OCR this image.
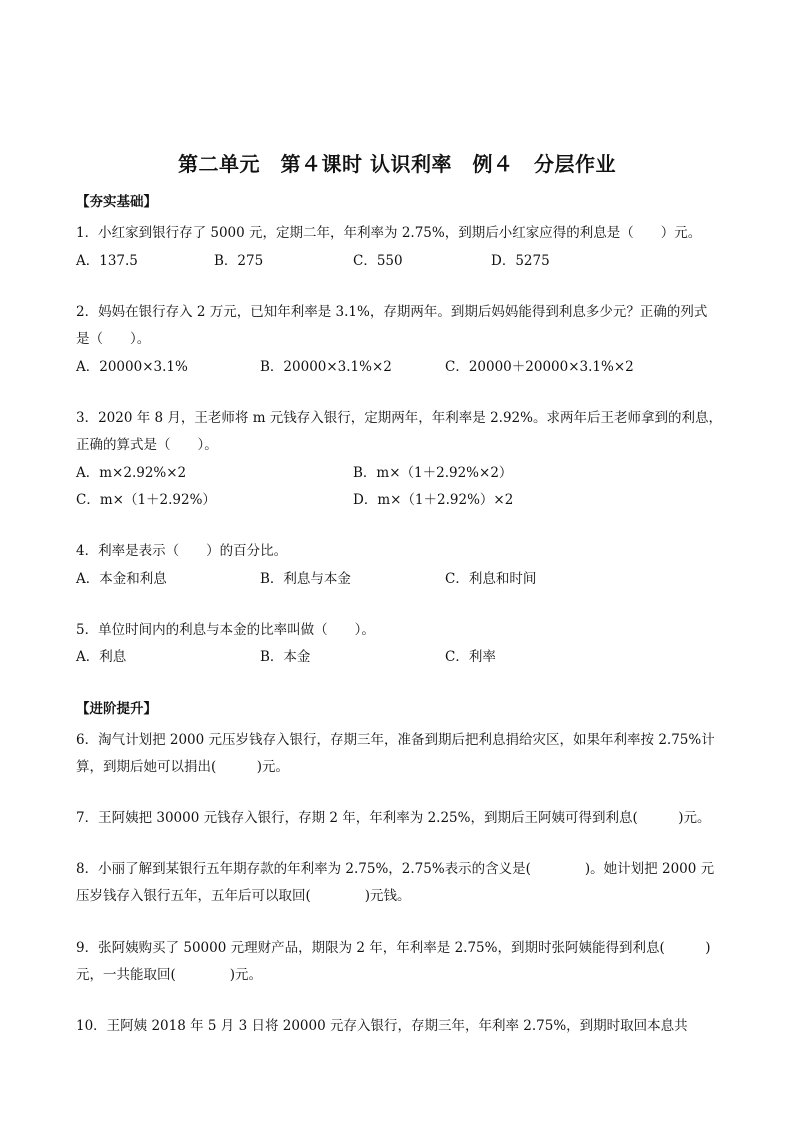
第二单元　第４课时 认识利率　例４　分层作业
【夯实基础】
1．小红家到银行存了 5000 元，定期二年，年利率为 2.75%，到期后小红家应得的利息是（　　）元。
A．137.5	B．275	C．550	D．5275
2．妈妈在银行存入 2 万元，已知年利率是 3.1%，存期两年。到期后妈妈能得到利息多少元？正确的列式
是（　　）。
A．20000×3.1%	B．20000×3.1%×2	C．20000＋20000×3.1%×2
3．2020 年 8 月，王老师将 m 元钱存入银行，定期两年，年利率是 2.92%。求两年后王老师拿到的利息，
正确的算式是（　　）。
A．m×2.92%×2	B．m×（1＋2.92%×2）
C．m×（1＋2.92%）	D．m×（1＋2.92%）×2
4．利率是表示（　　）的百分比。
A．本金和利息	B．利息与本金	C．利息和时间
5．单位时间内的利息与本金的比率叫做（　　）。
A．利息	B．本金	C．利率
【进阶提升】
6．淘气计划把 2000 元压岁钱存入银行，存期三年，准备到期后把利息捐给灾区，如果年利率按 2.75%计
算，到期后她可以捐出(　　　)元。
7．王阿姨把 30000 元钱存入银行，存期 2 年，年利率为 2.25%，到期后王阿姨可得到利息(　　　)元。
8．小丽了解到某银行五年期存款的年利率为 2.75%，2.75%表示的含义是(　　　　)。她计划把 2000 元
压岁钱存入银行五年，五年后可以取回(　　　　)元钱。
9．张阿姨购买了 50000 元理财产品，期限为 2 年，年利率是 2.75%，到期时张阿姨能得到利息(　　　)
元，一共能取回(　　　　)元。
10．王阿姨 2018 年 5 月 3 日将 20000 元存入银行，存期三年，年利率 2.75%，到期时取回本息共
